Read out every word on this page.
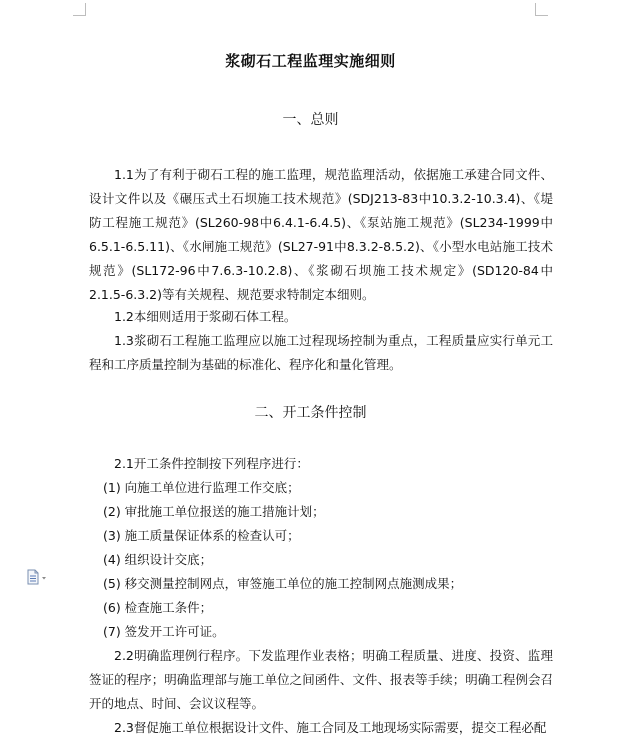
浆砌石工程监理实施细则
一、总则

1.1为了有利于砌石工程的施工监理，规范监理活动，依据施工承建合同文件、设计文件以及《碾压式土石坝施工技术规范》(SDJ213-83中10.3.2-10.3.4)、《堤防工程施工规范》(SL260-98中6.4.1-6.4.5)、《泵站施工规范》(SL234-1999中6.5.1-6.5.11)、《水闸施工规范》(SL27-91中8.3.2-8.5.2)、《小型水电站施工技术规范》(SL172-96中7.6.3-10.2.8)、《浆砌石坝施工技术规定》(SD120-84中2.1.5-6.3.2)等有关规程、规范要求特制定本细则。

1.2本细则适用于浆砌石体工程。

1.3浆砌石工程施工监理应以施工过程现场控制为重点，工程质量应实行单元工程和工序质量控制为基础的标准化、程序化和量化管理。

二、开工条件控制

2.1开工条件控制按下列程序进行：

(1) 向施工单位进行监理工作交底；
(2) 审批施工单位报送的施工措施计划；
(3) 施工质量保证体系的检查认可；
(4) 组织设计交底；
(5) 移交测量控制网点，审签施工单位的施工控制网点施测成果；
(6) 检查施工条件；
(7) 签发开工许可证。

2.2明确监理例行程序。下发监理作业表格；明确工程质量、进度、投资、监理签证的程序；明确监理部与施工单位之间函件、文件、报表等手续；明确工程例会召开的地点、时间、会议议程等。

2.3督促施工单位根据设计文件、施工合同及工地现场实际需要，提交工程必配
